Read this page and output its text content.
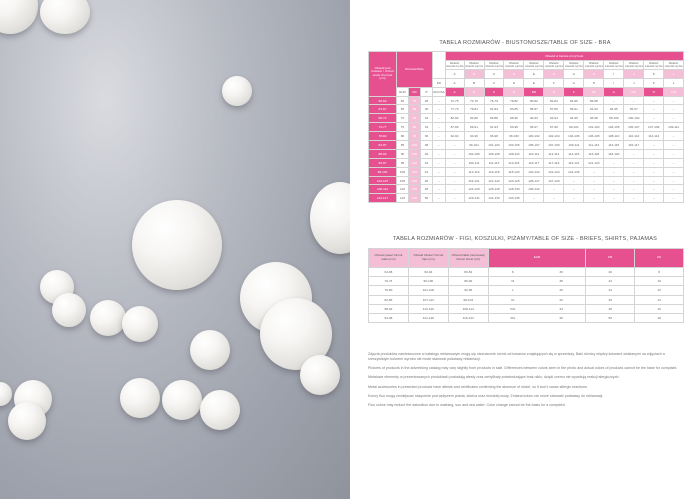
TABELA ROZMIARÓW - BIUSTONOSZE/TABLE OF SIZE - BRA
Obwód pod biustem / Circuit under the bust (cm)	Rozmiar/Size				Obwód w biuście (cm)/ bust											
					Wielkość miseczki cup bra	Wielkość miseczki cup bra	Wielkość miseczki cup bra	Wielkość miseczki cup bra	Wielkość miseczki cup bra	Wielkość miseczki cup bra	Wielkość miseczki cup bra	Wielkość miseczki cup bra	Wielkość miseczki cup bra	Wielkość miseczki cup bra	Wielkość miseczki cup bra	Wielkość miseczki cup bra
					A	B	C	D	E	F	G	H	I	J	K	L
				FR	A	B	C	D	E	F	G	H	I	J	K	L
	EUR	FR	IT	UK/USA	A	B	C	D	DD	E	F	FF	G	GG	H	HH
58-62	60	75	28	–	72-75	74-76	76-79	78-82	80-82	82-84	84-86	86-88	–	–	–	–
63-67	65	80	30	–	77-79	79-81	81-83	83-85	85-87	87-89	89-91	91-93	93-95	95-97	–	–
68-72	70	85	32	–	82-84	84-86	86-88	88-90	90-93	92-94	94-96	96-98	98-100	100-102	–	–
73-77	75	90	34	–	87-89	89-91	91-93	93-95	95-97	97-99	99-101	101-103	103-105	105-107	107-109	109-111
78-82	80	95	36	–	92-94	94-96	96-98	98-100	100-102	102-104	104-106	106-108	108-110	110-112	112-114	–
83-87	85	100	38	–	–	99-101	101-103	103-105	105-107	107-109	109-111	111-113	113-115	115-117	–	–
88-92	90	105	40	–	–	104-106	106-108	108-110	110-112	112-114	114-116	116-118	118-120	–	–	–
93-97	95	110	42	–	–	109-111	111-113	113-115	115-117	117-119	119-121	121-123	–	–	–	–
98-102	100	115	44	–	–	114-116	116-118	118-120	120-122	122-124	124-126	–	–	–	–	–
103-107	105	120	46	–	–	119-121	121-123	123-125	125-127	127-129	–	–	–	–	–	–
108-112	110	125	48	–	–	124-126	126-128	128-130	130-132	–	–	–	–	–	–	–
113-117	115	130	50	–	–	129-131	131-133	133-135	–	–	–	–	–	–	–	–
TABELA ROZMIARÓW - FIGI, KOSZULKI, PIŻAMY/TABLE OF SIZE - BRIEFS, SHIRTS, PAJAMAS
Obwód pasa/ Circuit waist (cm)	Obwód bioder/ Circuit hips (cm)	Obwód klatki piersiowej/ Circuit chest (cm)	EUR	FR	UK
64-68	90-94	80-84	S 36	40	8
70-74	95-100	86-90	M 38	42	10
76-80	101-106	92-96	L 40	44	12
82-86	107-112	98-104	XL 42	46	14
88-92	113-120	108-114	XXL 44	48	16
94-98	121-126	116-122	3XL 46	50	18

Zdjęcia produktów zamieszczone w katalogu reklamowym mogą się nieznacznie różnić od towarów znajdujących się w sprzedaży. Baki różnicy między kolorami widzianymi na zdjęciach a rzeczywistym kolorem wyrobu nie może stanowić podstawy reklamacji.

Pictures of products in the advertising catalog may vary slightly from products in sale. Differences between colors seen in the photo and actual colors of products cannot be the base for complaint.

Metalowe elementy w prezentowanych produktach posiadają atesty oraz certyfikaty potwierdzające brak niklu, dzięki czemu nie wywołują reakcji alergicznych.

Metal accessories in presented products have attests and certificates confirming the absence of nickel, so it won't cause allergic reactions.

Kolory fluo mogą zmniejszać nasycenie pod wpływem prania, słońca oraz morskiej wody. Zmiana koloru nie może stanowić podstawy do reklamacji.

Fluo colors may reduce the saturation due to washing, sun and sea water. Color change cannot be the basis for a complaint.
